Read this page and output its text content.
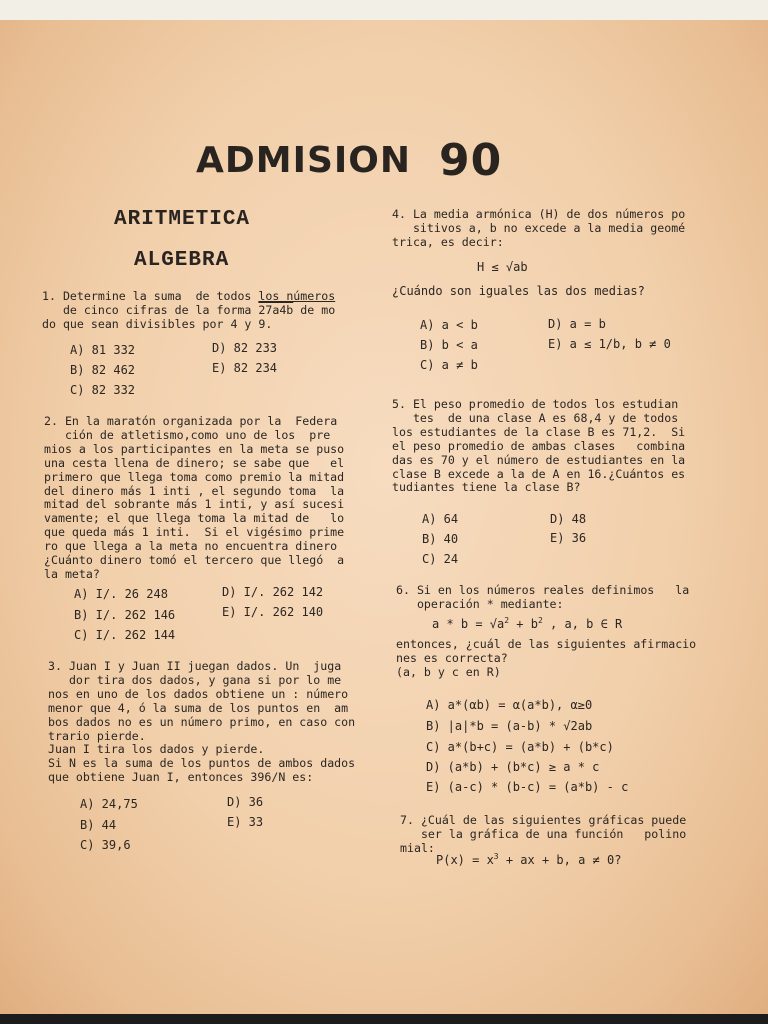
ADMISION 90
ARITMETICA
ALGEBRA
1. Determine la suma  de todos los números
de cinco cifras de la forma 27a4b de mo
do que sean divisibles por 4 y 9.
A) 81 332
B) 82 462
C) 82 332
D) 82 233
E) 82 234
2. En la maratón organizada por la  Federa
ción de atletismo,como uno de los  pre
mios a los participantes en la meta se puso
una cesta llena de dinero; se sabe que   el
primero que llega toma como premio la mitad
del dinero más 1 inti , el segundo toma  la
mitad del sobrante más 1 inti, y así sucesi
vamente; el que llega toma la mitad de   lo
que queda más 1 inti.  Si el vigésimo prime
ro que llega a la meta no encuentra dinero
¿Cuánto dinero tomó el tercero que llegó  a
la meta?
A) I/. 26 248
B) I/. 262 146
C) I/. 262 144
D) I/. 262 142
E) I/. 262 140
3. Juan I y Juan II juegan dados. Un  juga
dor tira dos dados, y gana si por lo me
nos en uno de los dados obtiene un : número
menor que 4, ó la suma de los puntos en  am
bos dados no es un número primo, en caso con
trario pierde.
Juan I tira los dados y pierde.
Si N es la suma de los puntos de ambos dados
que obtiene Juan I, entonces 396/N es:
A) 24,75
B) 44
C) 39,6
D) 36
E) 33
4. La media armónica (H) de dos números po
sitivos a, b no excede a la media geomé
trica, es decir:
H ≤ √ab
¿Cuándo son iguales las dos medias?
A) a < b
B) b < a
C) a ≠ b
D) a = b
E) a ≤ 1/b, b ≠ 0
5. El peso promedio de todos los estudian
tes  de una clase A es 68,4 y de todos
los estudiantes de la clase B es 71,2.  Si
el peso promedio de ambas clases   combina
das es 70 y el número de estudiantes en la
clase B excede a la de A en 16.¿Cuántos es
tudiantes tiene la clase B?
A) 64
B) 40
C) 24
D) 48
E) 36
6. Si en los números reales definimos   la
operación * mediante:
$a * b = √a^2 + b^2$ , a, b ∈ R
entonces, ¿cuál de las siguientes afirmacio
nes es correcta?
(a, b y c en R)
A) a*(αb) = α(a*b), α≥0
B) |a|*b = (a-b) * √2ab
C) a*(b+c) = (a*b) + (b*c)
D) (a*b) + (b*c) ≥ a * c
E) (a-c) * (b-c) = (a*b) - c
7. ¿Cuál de las siguientes gráficas puede
ser la gráfica de una función   polino
mial:
$P(x) = x^3$ + ax + b, a ≠ 0?
